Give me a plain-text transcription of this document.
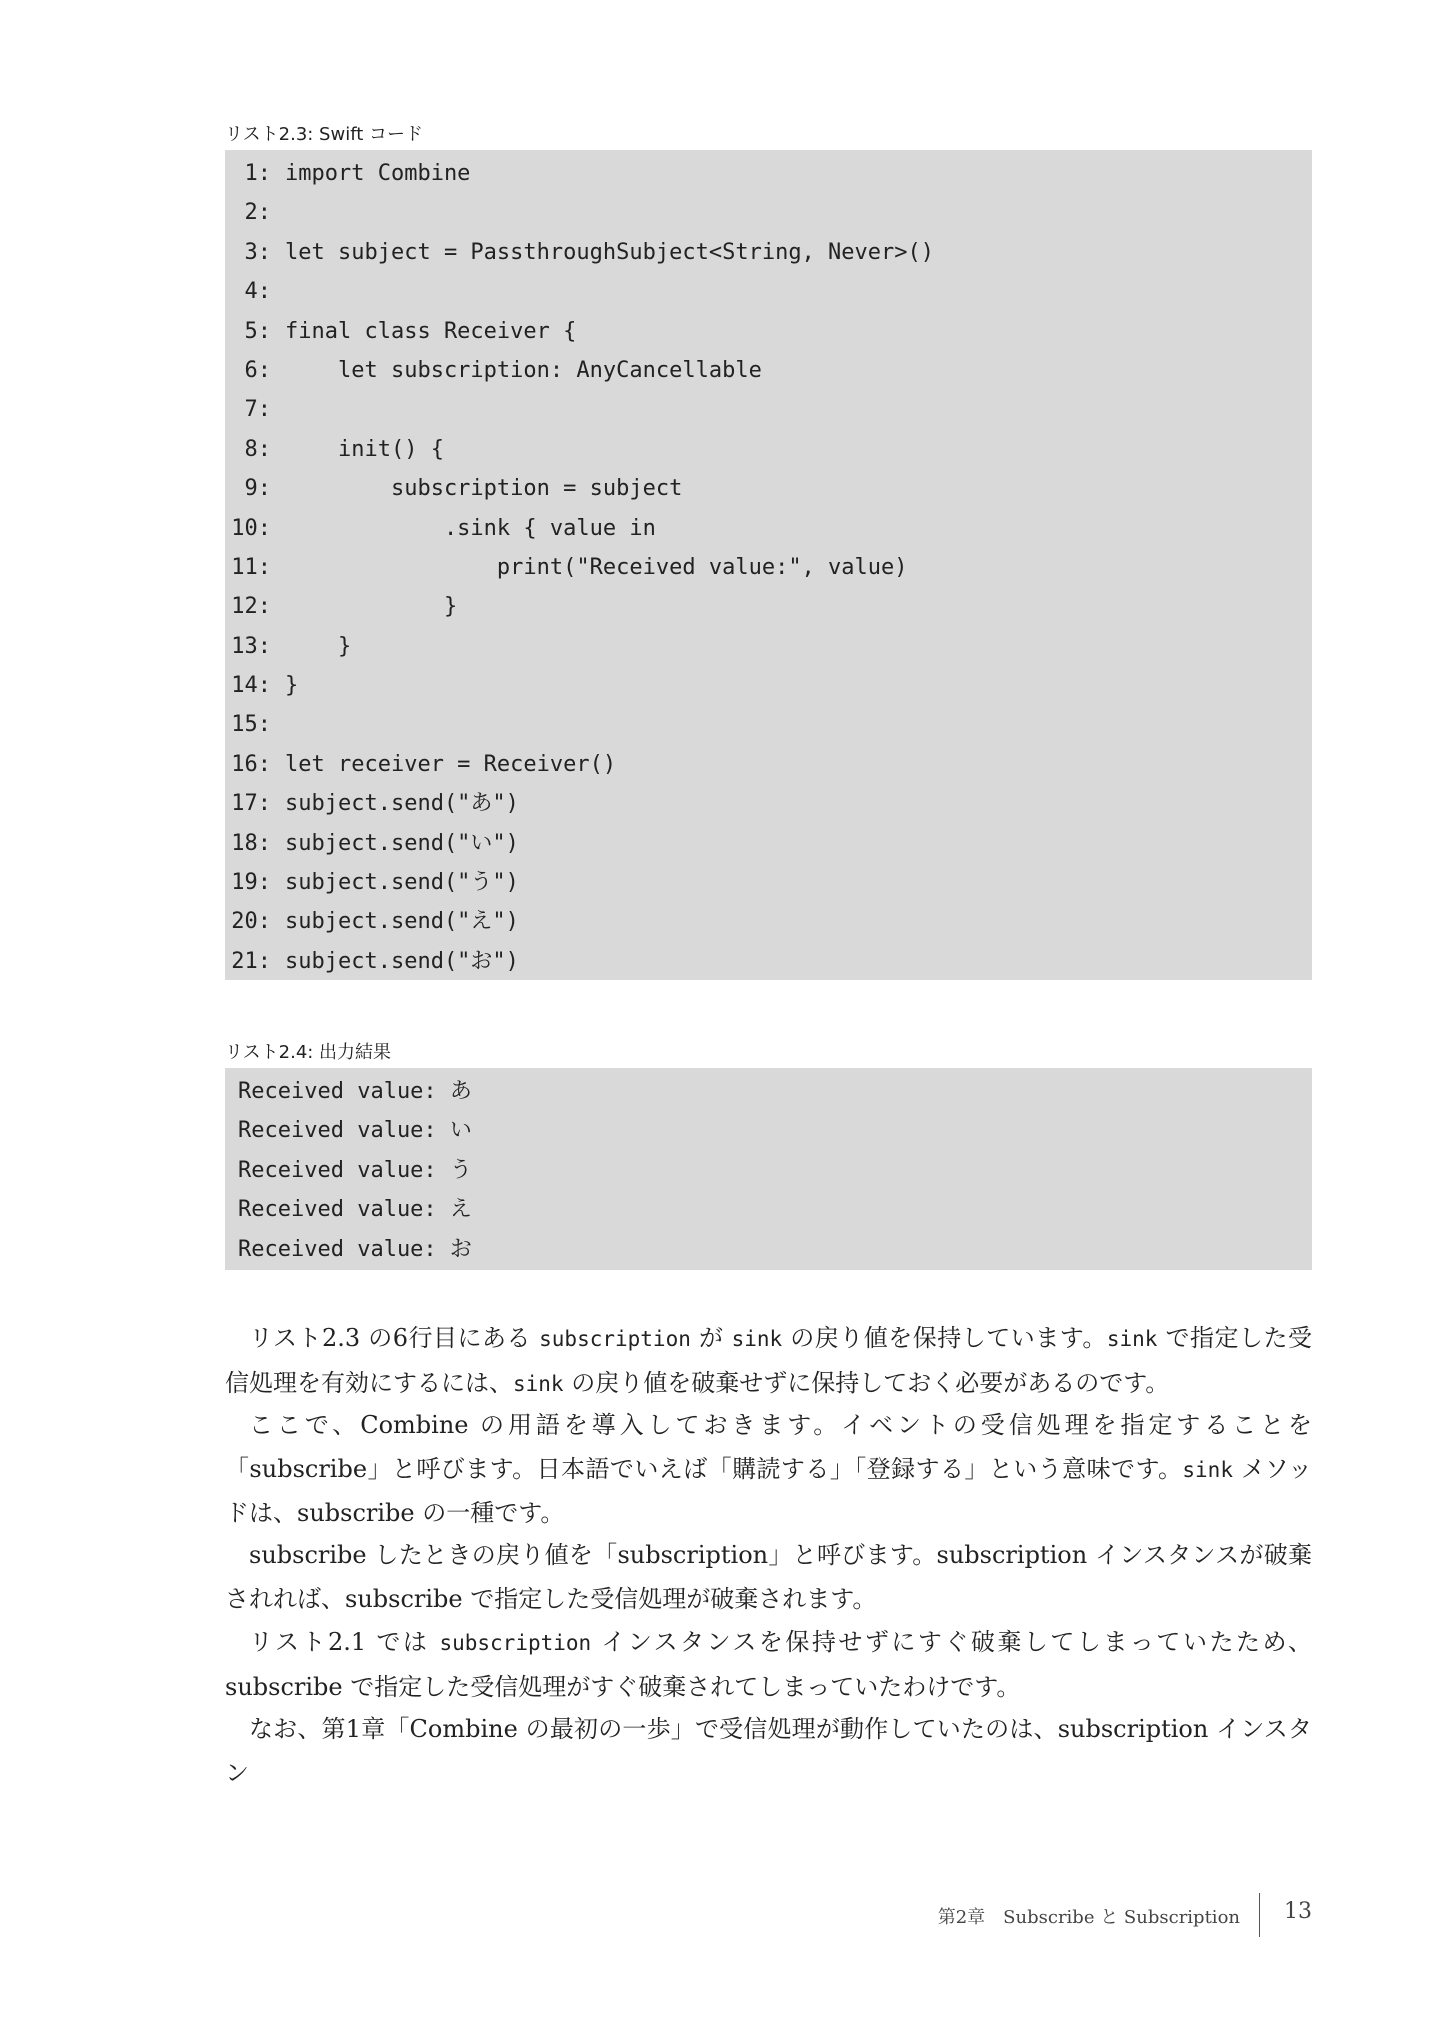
リスト2.3: Swift コード
1: import Combine
2:
3: let subject = PassthroughSubject<String, Never>()
4:
5: final class Receiver {
6:    let subscription: AnyCancellable
7:
8:    init() {
9:        subscription = subject
10:            .sink { value in
11:                print("Received value:", value)
12:            }
13:    }
14: }
15:
16: let receiver = Receiver()
17: subject.send("あ")
18: subject.send("い")
19: subject.send("う")
20: subject.send("え")
21: subject.send("お")
リスト2.4: 出力結果
Received value: あ
Received value: い
Received value: う
Received value: え
Received value: お

リスト2.3 の6行目にある subscription が sink の戻り値を保持しています。sink で指定した受信処理を有効にするには、sink の戻り値を破棄せずに保持しておく必要があるのです。

ここで、Combine の用語を導入しておきます。イベントの受信処理を指定することを「subscribe」と呼びます。日本語でいえば「購読する」「登録する」という意味です。sink メソッドは、subscribe の一種です。

subscribe したときの戻り値を「subscription」と呼びます。subscription インスタンスが破棄されれば、subscribe で指定した受信処理が破棄されます。

リスト2.1 では subscription インスタンスを保持せずにすぐ破棄してしまっていたため、subscribe で指定した受信処理がすぐ破棄されてしまっていたわけです。

なお、第1章「Combine の最初の一歩」で受信処理が動作していたのは、subscription インスタン

第2章　Subscribe と Subscription 13
